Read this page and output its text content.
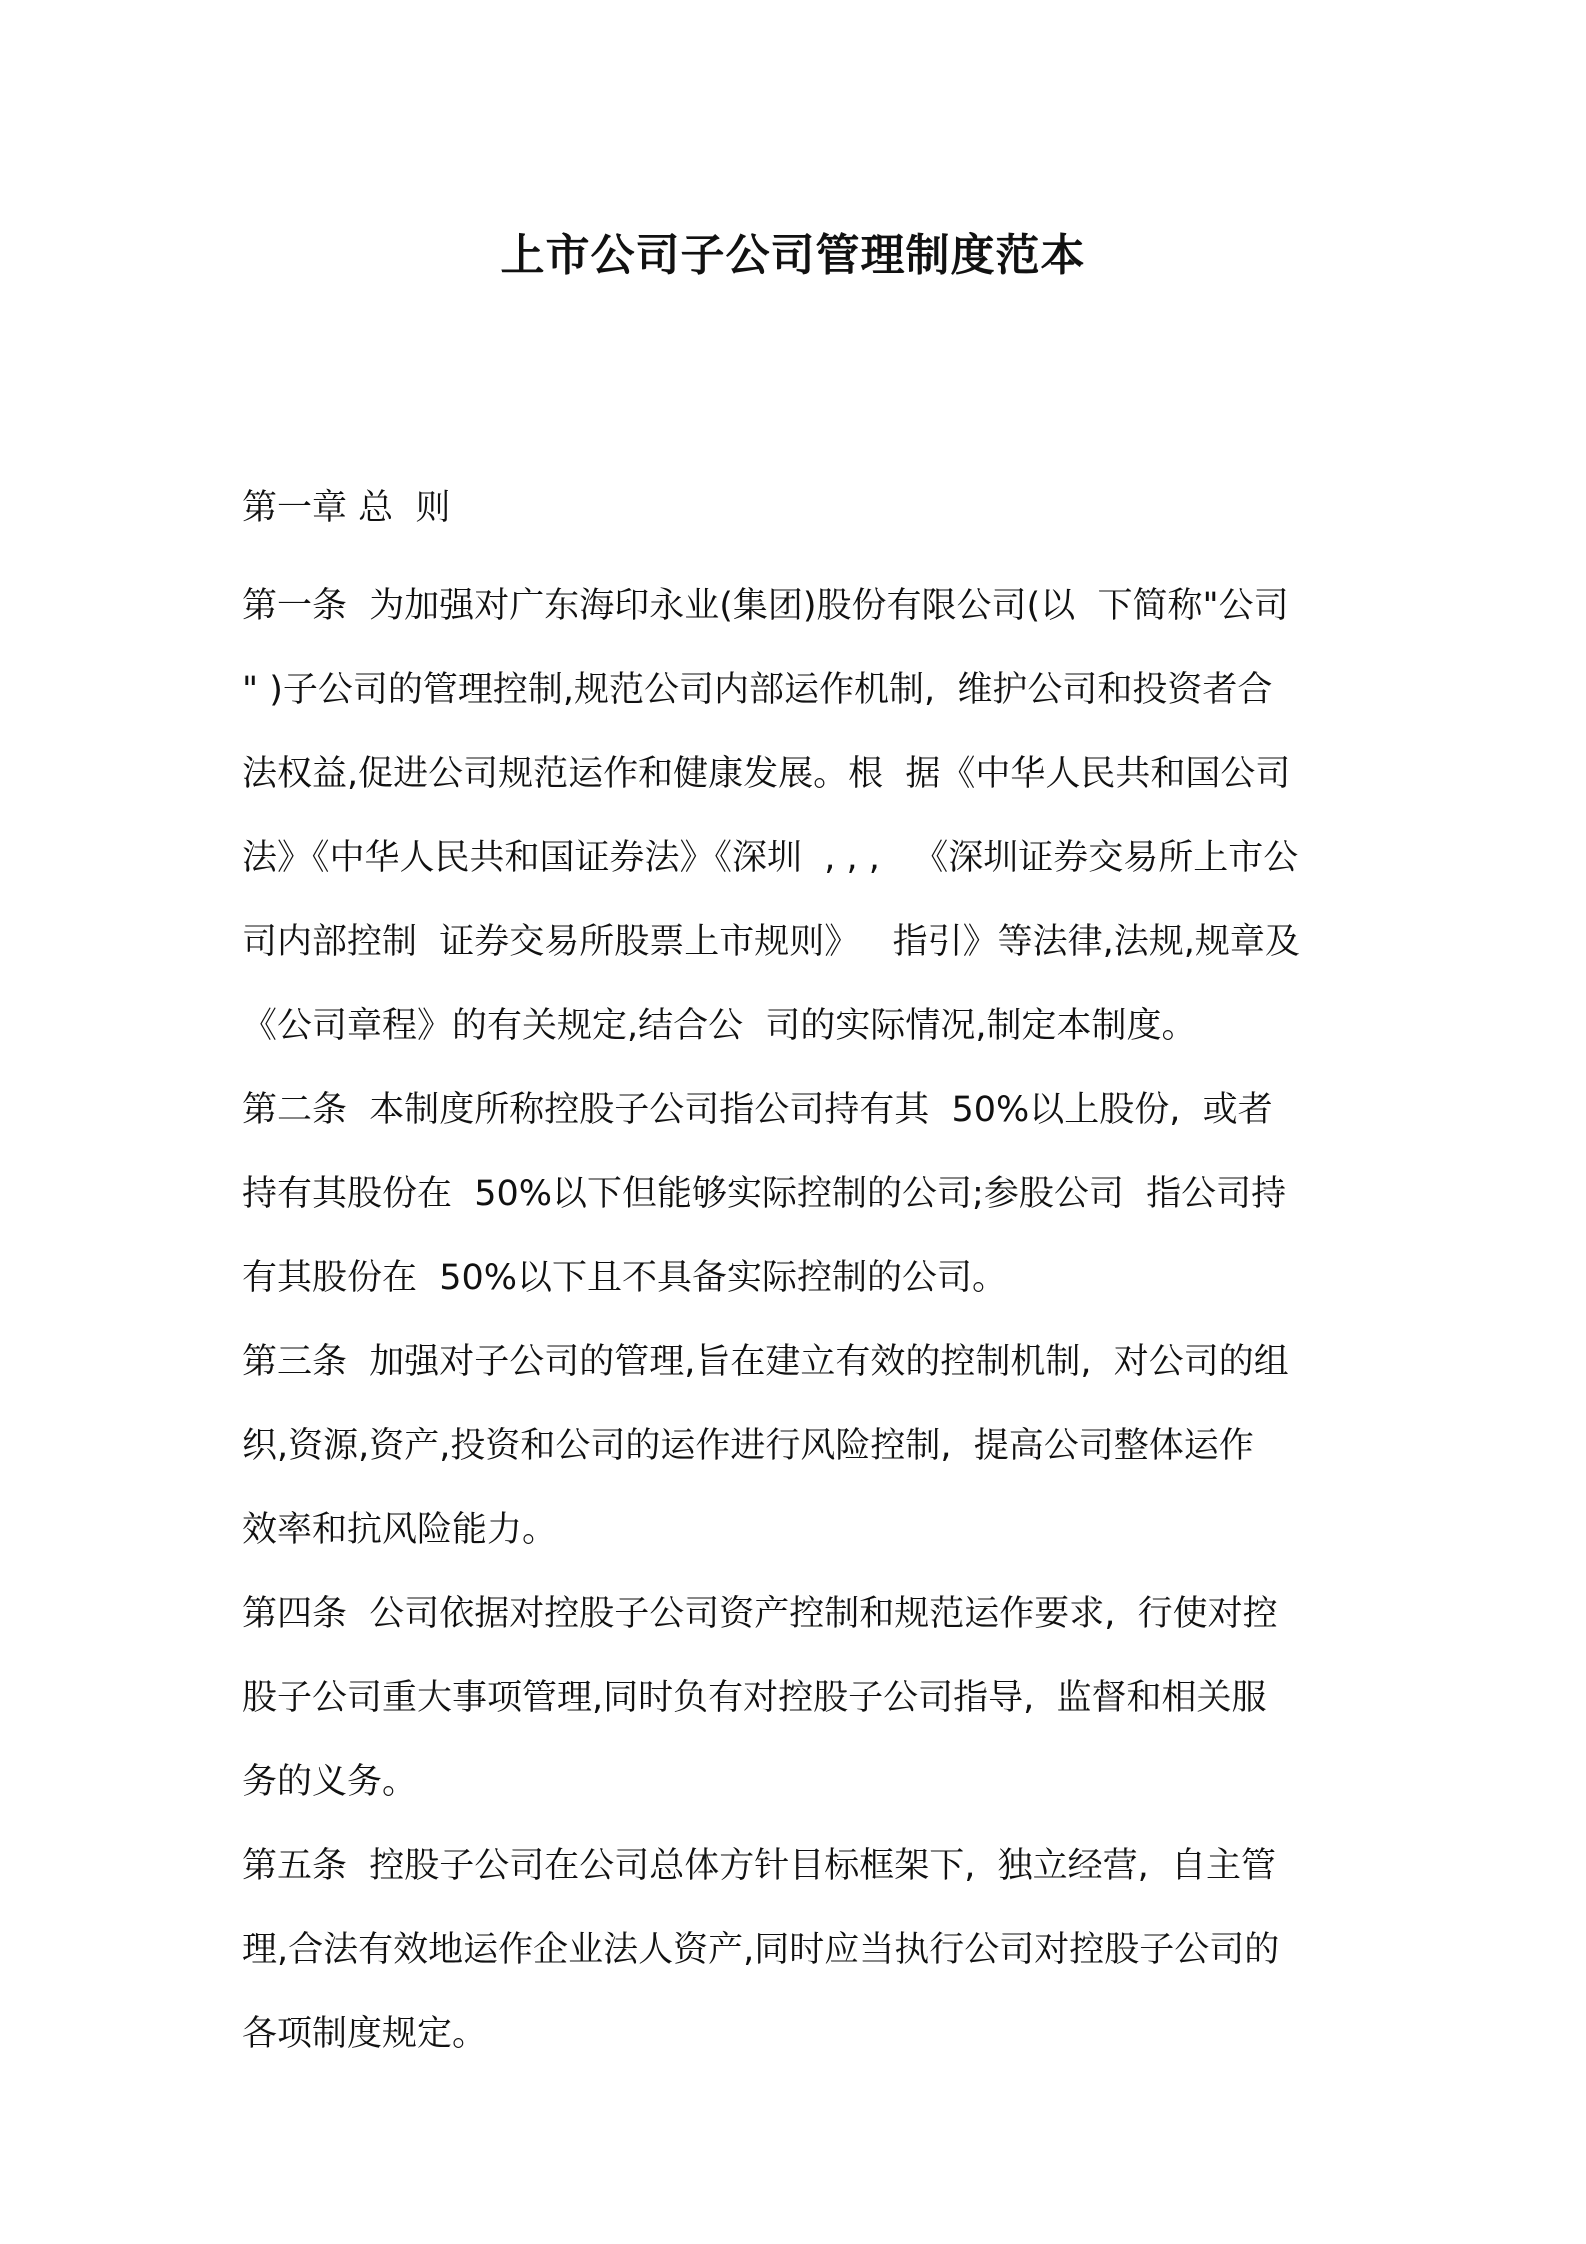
上市公司子公司管理制度范本
第一章 总  则
第一条  为加强对广东海印永业(集团)股份有限公司(以  下简称"公司
" )子公司的管理控制,规范公司内部运作机制,  维护公司和投资者合
法权益,促进公司规范运作和健康发展。根  据《中华人民共和国公司
法》《中华人民共和国证券法》《深圳  , , ,   《深圳证券交易所上市公
司内部控制  证券交易所股票上市规则》   指引》等法律,法规,规章及
《公司章程》的有关规定,结合公  司的实际情况,制定本制度。
第二条  本制度所称控股子公司指公司持有其  50%以上股份,  或者
持有其股份在  50%以下但能够实际控制的公司;参股公司  指公司持
有其股份在  50%以下且不具备实际控制的公司。
第三条  加强对子公司的管理,旨在建立有效的控制机制,  对公司的组
织,资源,资产,投资和公司的运作进行风险控制,  提高公司整体运作
效率和抗风险能力。
第四条  公司依据对控股子公司资产控制和规范运作要求,  行使对控
股子公司重大事项管理,同时负有对控股子公司指导,  监督和相关服
务的义务。
第五条  控股子公司在公司总体方针目标框架下,  独立经营,  自主管
理,合法有效地运作企业法人资产,同时应当执行公司对控股子公司的
各项制度规定。
